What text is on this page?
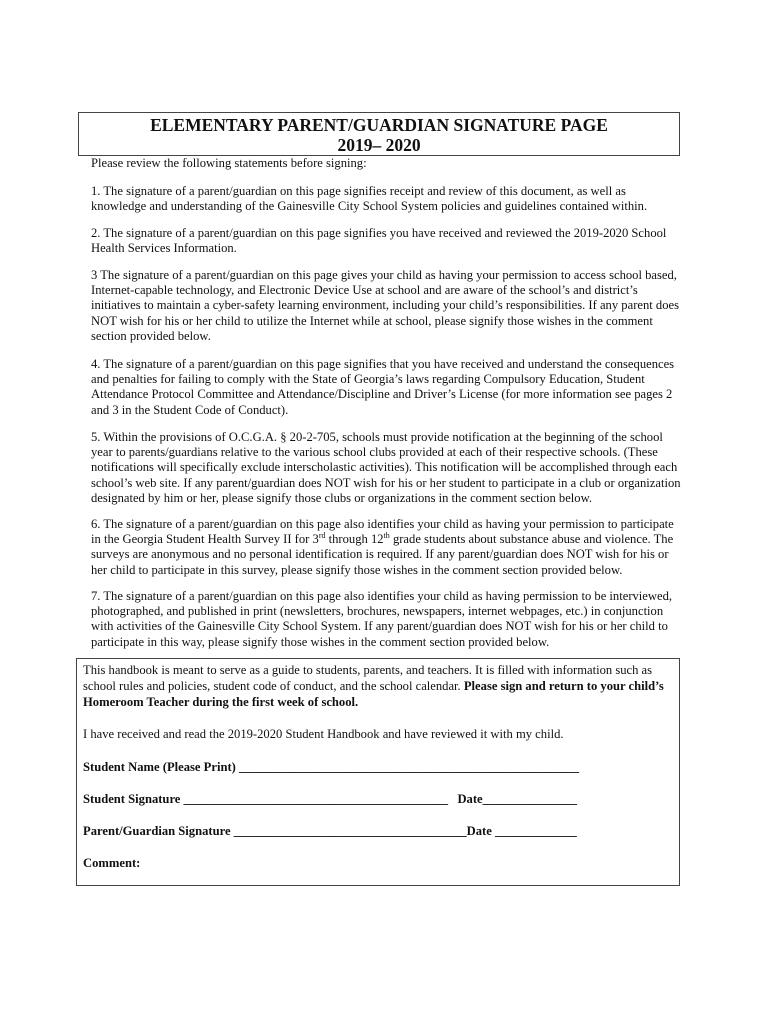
ELEMENTARY PARENT/GUARDIAN SIGNATURE PAGE
2019– 2020
Please review the following statements before signing:

1. The signature of a parent/guardian on this page signifies receipt and review of this document, as well as knowledge and understanding of the Gainesville City School System policies and guidelines contained within.

2. The signature of a parent/guardian on this page signifies you have received and reviewed the 2019-2020 School Health Services Information.

3 The signature of a parent/guardian on this page gives your child as having your permission to access school based, Internet-capable technology, and Electronic Device Use at school and are aware of the school’s and district’s initiatives to maintain a cyber-safety learning environment, including your child’s responsibilities. If any parent does NOT wish for his or her child to utilize the Internet while at school, please signify those wishes in the comment section provided below.

4. The signature of a parent/guardian on this page signifies that you have received and understand the consequences and penalties for failing to comply with the State of Georgia’s laws regarding Compulsory Education, Student Attendance Protocol Committee and Attendance/Discipline and Driver’s License (for more information see pages 2 and 3 in the Student Code of Conduct).

5. Within the provisions of O.C.G.A. § 20-2-705, schools must provide notification at the beginning of the school year to parents/guardians relative to the various school clubs provided at each of their respective schools. (These notifications will specifically exclude interscholastic activities). This notification will be accomplished through each school’s web site. If any parent/guardian does NOT wish for his or her student to participate in a club or organization designated by him or her, please signify those clubs or organizations in the comment section below.

6. The signature of a parent/guardian on this page also identifies your child as having your permission to participate in the Georgia Student Health Survey II for 3rd through 12th grade students about substance abuse and violence. The surveys are anonymous and no personal identification is required. If any parent/guardian does NOT wish for his or her child to participate in this survey, please signify those wishes in the comment section provided below.

7. The signature of a parent/guardian on this page also identifies your child as having permission to be interviewed, photographed, and published in print (newsletters, brochures, newspapers, internet webpages, etc.) in conjunction with activities of the Gainesville City School System. If any parent/guardian does NOT wish for his or her child to participate in this way, please signify those wishes in the comment section provided below.

This handbook is meant to serve as a guide to students, parents, and teachers. It is filled with information such as school rules and policies, student code of conduct, and the school calendar. Please sign and return to your child’s Homeroom Teacher during the first week of school.
I have received and read the 2019-2020 Student Handbook and have reviewed it with my child.
Student Name (Please Print) ______________________________________________________
Student Signature __________________________________________   Date_______________
Parent/Guardian Signature _____________________________________Date _____________
Comment:
